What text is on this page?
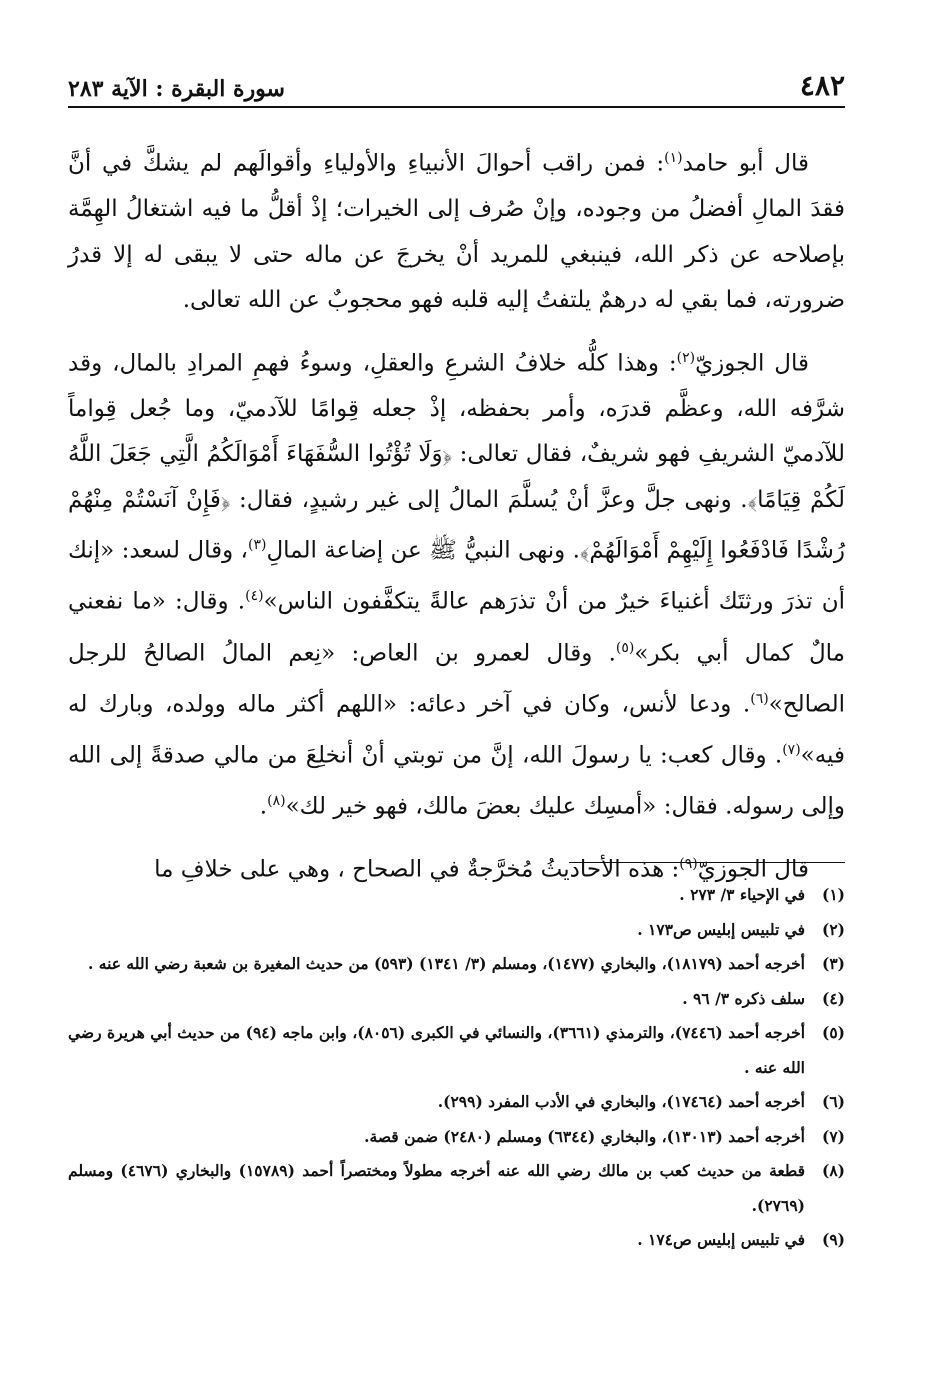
٤٨٢
سورة البقرة : الآية ٢٨٣

قال أبو حامد$^{(١)}$: فمن راقب أحوالَ الأنبياءِ والأولياءِ وأقوالَهم لم يشكَّ في أنَّ فقدَ المالِ أفضلُ من وجوده، وإنْ صُرف إلى الخيرات؛ إذْ أقلُّ ما فيه اشتغالُ الهِمَّة بإصلاحه عن ذكر الله، فينبغي للمريد أنْ يخرجَ عن ماله حتى لا يبقى له إلا قدرُ ضرورته، فما بقي له درهمٌ يلتفتُ إليه قلبه فهو محجوبٌ عن الله تعالى.

قال الجوزيّ$^{(٢)}$: وهذا كلُّه خلافُ الشرعِ والعقلِ، وسوءُ فهمِ المرادِ بالمال، وقد شرَّفه الله، وعظَّم قدرَه، وأمر بحفظه، إذْ جعله قِوامًا للآدميّ، وما جُعل قِواماً للآدميّ الشريفِ فهو شريفٌ، فقال تعالى: ﴿وَلَا تُؤْتُوا السُّفَهَاءَ أَمْوَالَكُمُ الَّتِي جَعَلَ اللَّهُ لَكُمْ قِيَامًا﴾. ونهى جلَّ وعزَّ أنْ يُسلَّمَ المالُ إلى غير رشيدٍ، فقال: ﴿فَإِنْ آنَسْتُمْ مِنْهُمْ رُشْدًا فَادْفَعُوا إِلَيْهِمْ أَمْوَالَهُمْ﴾. ونهى النبيُّ ﷺ عن إضاعة المالِ$^{(٣)}$، وقال لسعد: «إنك أن تذرَ ورثتَك أغنياءَ خيرٌ من أنْ تذرَهم عالةً يتكفَّفون الناس»$^{(٤)}$. وقال: «ما نفعني مالٌ كمال أبي بكر»$^{(٥)}$. وقال لعمرو بن العاص: «نِعم المالُ الصالحُ للرجل الصالح»$^{(٦)}$. ودعا لأنس، وكان في آخر دعائه: «اللهم أكثر ماله وولده، وبارك له فيه»$^{(٧)}$. وقال كعب: يا رسولَ الله، إنَّ من توبتي أنْ أنخلِعَ من مالي صدقةً إلى الله وإلى رسوله. فقال: «أمسِك عليك بعضَ مالك، فهو خير لك»$^{(٨)}$.

قال الجوزيّ$^{(٩)}$: هذه الأحاديثُ مُخرَّجةٌ في الصحاح ، وهي على خلافِ ما

(١)
في الإحياء ٣/ ٢٧٣ .
(٢)
في تلبيس إبليس ص١٧٣ .
(٣)
أخرجه أحمد (١٨١٧٩)، والبخاري (١٤٧٧)، ومسلم (٣/ ١٣٤١) (٥٩٣) من حديث المغيرة بن شعبة رضي الله عنه .
(٤)
سلف ذكره ٣/ ٩٦ .
(٥)
أخرجه أحمد (٧٤٤٦)، والترمذي (٣٦٦١)، والنسائي في الكبرى (٨٠٥٦)، وابن ماجه (٩٤) من حديث أبي هريرة رضي الله عنه .
(٦)
أخرجه أحمد (١٧٤٦٤)، والبخاري في الأدب المفرد (٢٩٩).
(٧)
أخرجه أحمد (١٣٠١٣)، والبخاري (٦٣٤٤) ومسلم (٢٤٨٠) ضمن قصة.
(٨)
قطعة من حديث كعب بن مالك رضي الله عنه أخرجه مطولاً ومختصراً أحمد (١٥٧٨٩) والبخاري (٤٦٧٦) ومسلم (٢٧٦٩).
(٩)
في تلبيس إبليس ص١٧٤ .
